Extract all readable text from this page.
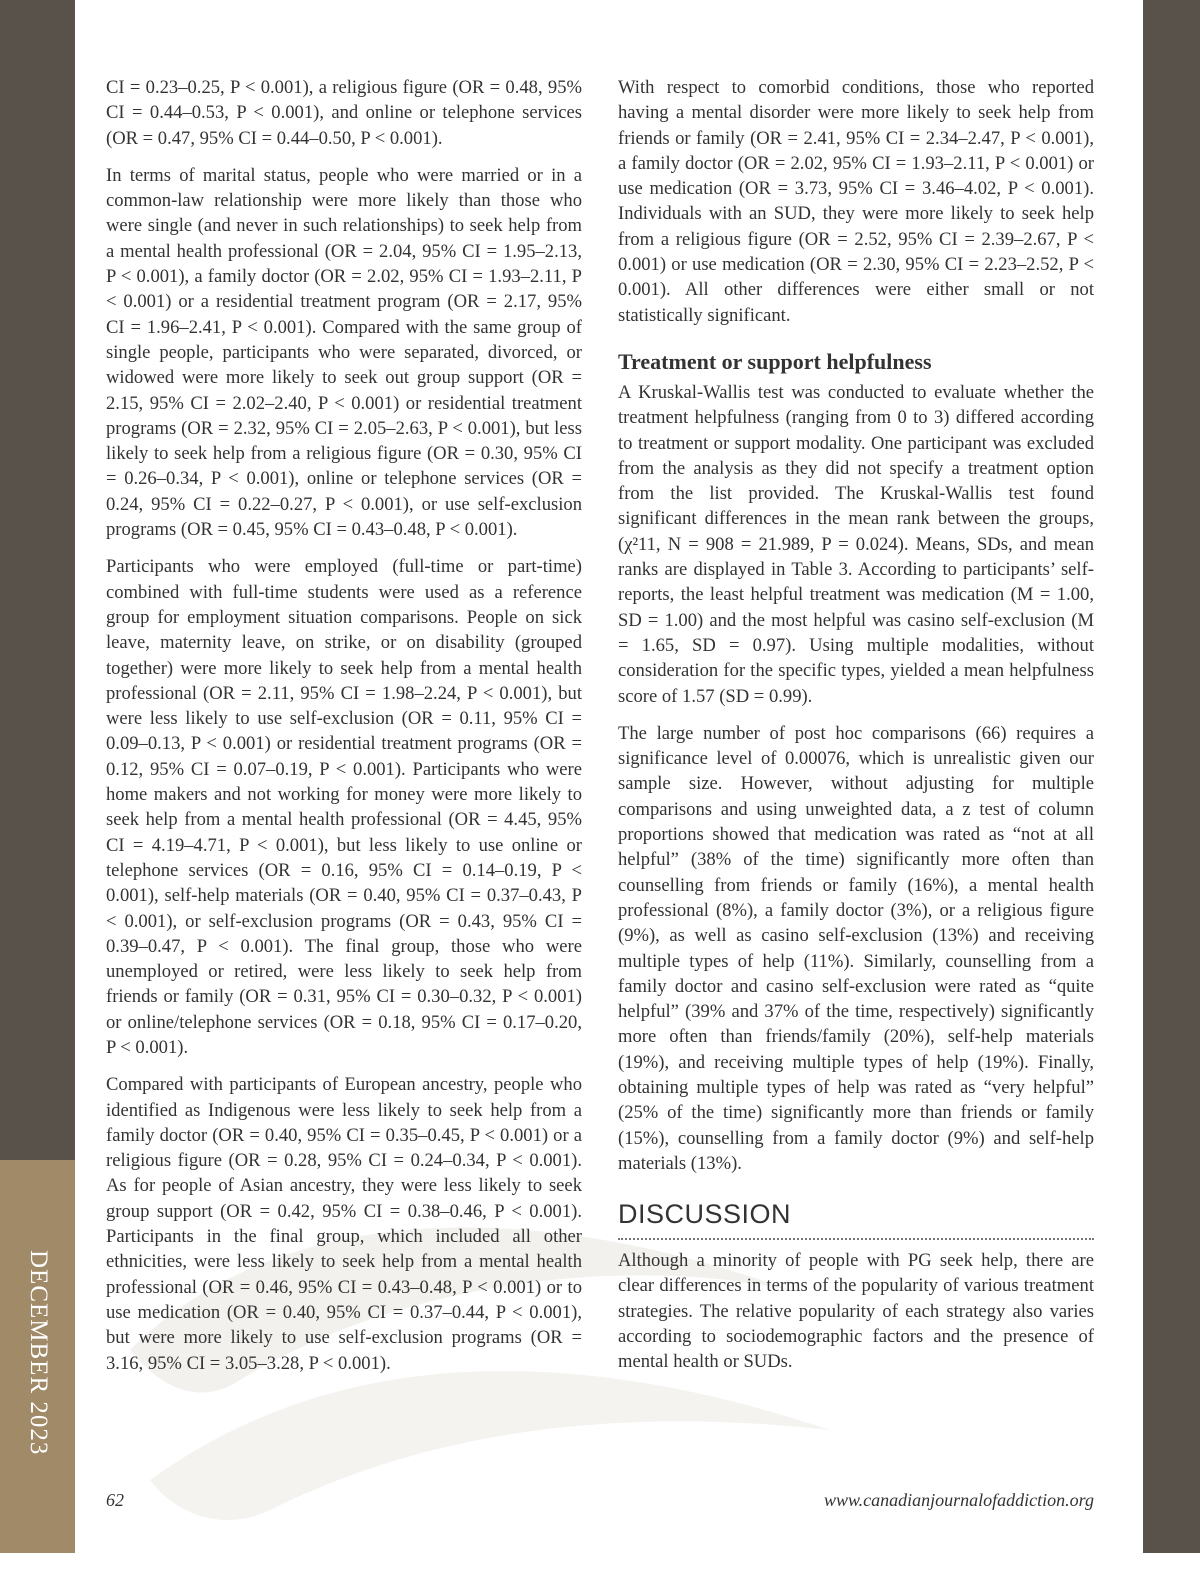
DECEMBER 2023

CI = 0.23–0.25, P < 0.001), a religious figure (OR = 0.48, 95% CI = 0.44–0.53, P < 0.001), and online or telephone services (OR = 0.47, 95% CI = 0.44–0.50, P < 0.001).

In terms of marital status, people who were married or in a common-law relationship were more likely than those who were single (and never in such relationships) to seek help from a mental health professional (OR = 2.04, 95% CI = 1.95–2.13, P < 0.001), a family doctor (OR = 2.02, 95% CI = 1.93–2.11, P < 0.001) or a residential treatment program (OR = 2.17, 95% CI = 1.96–2.41, P < 0.001). Compared with the same group of single people, participants who were separated, divorced, or widowed were more likely to seek out group support (OR = 2.15, 95% CI = 2.02–2.40, P < 0.001) or residential treatment programs (OR = 2.32, 95% CI = 2.05–2.63, P < 0.001), but less likely to seek help from a religious figure (OR = 0.30, 95% CI = 0.26–0.34, P < 0.001), online or telephone services (OR = 0.24, 95% CI = 0.22–0.27, P < 0.001), or use self-exclusion programs (OR = 0.45, 95% CI = 0.43–0.48, P < 0.001).

Participants who were employed (full-time or part-time) combined with full-time students were used as a reference group for employment situation comparisons. People on sick leave, maternity leave, on strike, or on disability (grouped together) were more likely to seek help from a mental health professional (OR = 2.11, 95% CI = 1.98–2.24, P < 0.001), but were less likely to use self-exclusion (OR = 0.11, 95% CI = 0.09–0.13, P < 0.001) or residential treatment programs (OR = 0.12, 95% CI = 0.07–0.19, P < 0.001). Participants who were home makers and not working for money were more likely to seek help from a mental health professional (OR = 4.45, 95% CI = 4.19–4.71, P < 0.001), but less likely to use online or telephone services (OR = 0.16, 95% CI = 0.14–0.19, P < 0.001), self-help materials (OR = 0.40, 95% CI = 0.37–0.43, P < 0.001), or self-exclusion programs (OR = 0.43, 95% CI = 0.39–0.47, P < 0.001). The final group, those who were unemployed or retired, were less likely to seek help from friends or family (OR = 0.31, 95% CI = 0.30–0.32, P < 0.001) or online/telephone services (OR = 0.18, 95% CI = 0.17–0.20, P < 0.001).

Compared with participants of European ancestry, people who identified as Indigenous were less likely to seek help from a family doctor (OR = 0.40, 95% CI = 0.35–0.45, P < 0.001) or a religious figure (OR = 0.28, 95% CI = 0.24–0.34, P < 0.001). As for people of Asian ancestry, they were less likely to seek group support (OR = 0.42, 95% CI = 0.38–0.46, P < 0.001). Participants in the final group, which included all other ethnicities, were less likely to seek help from a mental health professional (OR = 0.46, 95% CI = 0.43–0.48, P < 0.001) or to use medication (OR = 0.40, 95% CI = 0.37–0.44, P < 0.001), but were more likely to use self-exclusion programs (OR = 3.16, 95% CI = 3.05–3.28, P < 0.001).

With respect to comorbid conditions, those who reported having a mental disorder were more likely to seek help from friends or family (OR = 2.41, 95% CI = 2.34–2.47, P < 0.001), a family doctor (OR = 2.02, 95% CI = 1.93–2.11, P < 0.001) or use medication (OR = 3.73, 95% CI = 3.46–4.02, P < 0.001). Individuals with an SUD, they were more likely to seek help from a religious figure (OR = 2.52, 95% CI = 2.39–2.67, P < 0.001) or use medication (OR = 2.30, 95% CI = 2.23–2.52, P < 0.001). All other differences were either small or not statistically significant.

Treatment or support helpfulness

A Kruskal-Wallis test was conducted to evaluate whether the treatment helpfulness (ranging from 0 to 3) differed according to treatment or support modality. One participant was excluded from the analysis as they did not specify a treatment option from the list provided. The Kruskal-Wallis test found significant differences in the mean rank between the groups, (χ²11, N = 908 = 21.989, P = 0.024). Means, SDs, and mean ranks are displayed in Table 3. According to participants’ self-reports, the least helpful treatment was medication (M = 1.00, SD = 1.00) and the most helpful was casino self-exclusion (M = 1.65, SD = 0.97). Using multiple modalities, without consideration for the specific types, yielded a mean helpfulness score of 1.57 (SD = 0.99).

The large number of post hoc comparisons (66) requires a significance level of 0.00076, which is unrealistic given our sample size. However, without adjusting for multiple comparisons and using unweighted data, a z test of column proportions showed that medication was rated as “not at all helpful” (38% of the time) significantly more often than counselling from friends or family (16%), a mental health professional (8%), a family doctor (3%), or a religious figure (9%), as well as casino self-exclusion (13%) and receiving multiple types of help (11%). Similarly, counselling from a family doctor and casino self-exclusion were rated as “quite helpful” (39% and 37% of the time, respectively) significantly more often than friends/family (20%), self-help materials (19%), and receiving multiple types of help (19%). Finally, obtaining multiple types of help was rated as “very helpful” (25% of the time) significantly more than friends or family (15%), counselling from a family doctor (9%) and self-help materials (13%).

DISCUSSION

Although a minority of people with PG seek help, there are clear differences in terms of the popularity of various treatment strategies. The relative popularity of each strategy also varies according to sociodemographic factors and the presence of mental health or SUDs.

62	www.canadianjournalofaddiction.org
